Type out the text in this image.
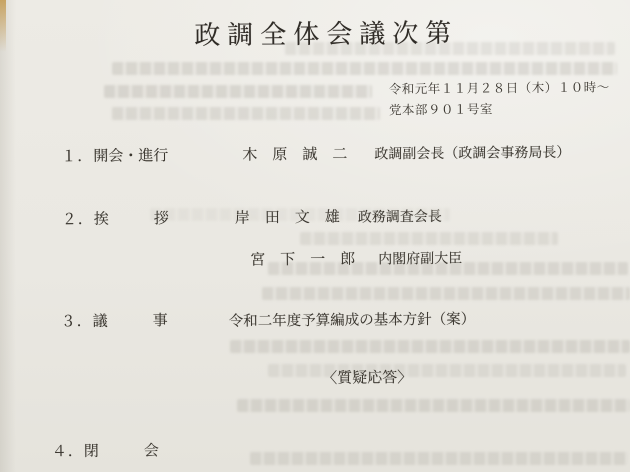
政調全体会議次第
令和元年１１月２８日（木）１０時～
党本部９０１号室
１．開会・進行	木　原　誠　二 政調副会長（政調会事務局長）
２．挨　　　拶	岸　田　文　雄 政務調査会長
宮　下　一　郎 内閣府副大臣
３．議　　　事	令和二年度予算編成の基本方針（案）
〈質疑応答〉
４．閉　　　会
